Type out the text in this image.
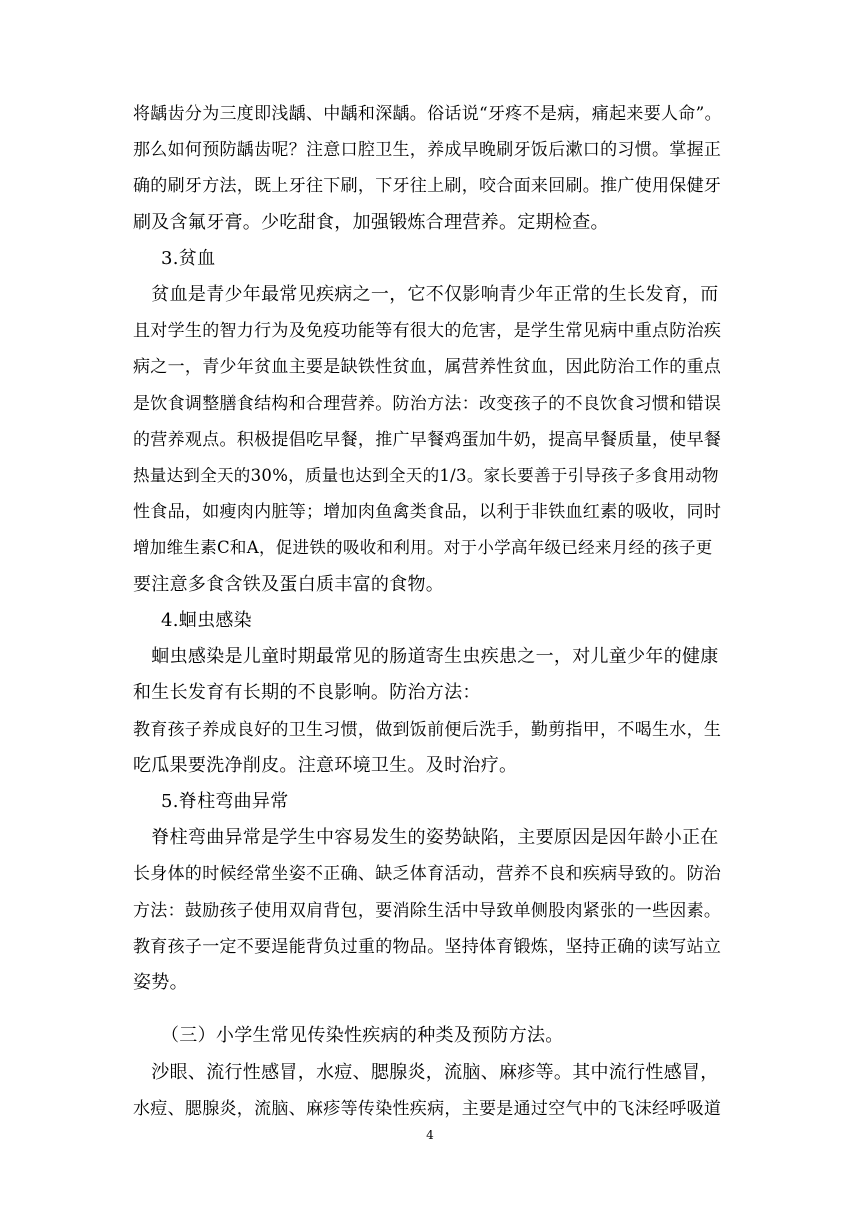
将龋齿分为三度即浅龋、中龋和深龋。俗话说“牙疼不是病，痛起来要人命”。
那么如何预防龋齿呢？注意口腔卫生，养成早晚刷牙饭后漱口的习惯。掌握正
确的刷牙方法，既上牙往下刷，下牙往上刷，咬合面来回刷。推广使用保健牙
刷及含氟牙膏。少吃甜食，加强锻炼合理营养。定期检查。
3.贫血
　贫血是青少年最常见疾病之一，它不仅影响青少年正常的生长发育，而
且对学生的智力行为及免疫功能等有很大的危害，是学生常见病中重点防治疾
病之一，青少年贫血主要是缺铁性贫血，属营养性贫血，因此防治工作的重点
是饮食调整膳食结构和合理营养。防治方法：改变孩子的不良饮食习惯和错误
的营养观点。积极提倡吃早餐，推广早餐鸡蛋加牛奶，提高早餐质量，使早餐
热量达到全天的30%，质量也达到全天的1/3。家长要善于引导孩子多食用动物
性食品，如瘦肉内脏等；增加肉鱼禽类食品，以利于非铁血红素的吸收，同时
增加维生素C和A，促进铁的吸收和利用。对于小学高年级已经来月经的孩子更
要注意多食含铁及蛋白质丰富的食物。
4.蛔虫感染
　蛔虫感染是儿童时期最常见的肠道寄生虫疾患之一，对儿童少年的健康
和生长发育有长期的不良影响。防治方法：
教育孩子养成良好的卫生习惯，做到饭前便后洗手，勤剪指甲，不喝生水，生
吃瓜果要洗净削皮。注意环境卫生。及时治疗。
5.脊柱弯曲异常
　脊柱弯曲异常是学生中容易发生的姿势缺陷，主要原因是因年龄小正在
长身体的时候经常坐姿不正确、缺乏体育活动，营养不良和疾病导致的。防治
方法：鼓励孩子使用双肩背包，要消除生活中导致单侧股肉紧张的一些因素。
教育孩子一定不要逞能背负过重的物品。坚持体育锻炼，坚持正确的读写站立
姿势。
（三）小学生常见传染性疾病的种类及预防方法。
　沙眼、流行性感冒，水痘、腮腺炎，流脑、麻疹等。其中流行性感冒，
水痘、腮腺炎，流脑、麻疹等传染性疾病，主要是通过空气中的飞沫经呼吸道
4
